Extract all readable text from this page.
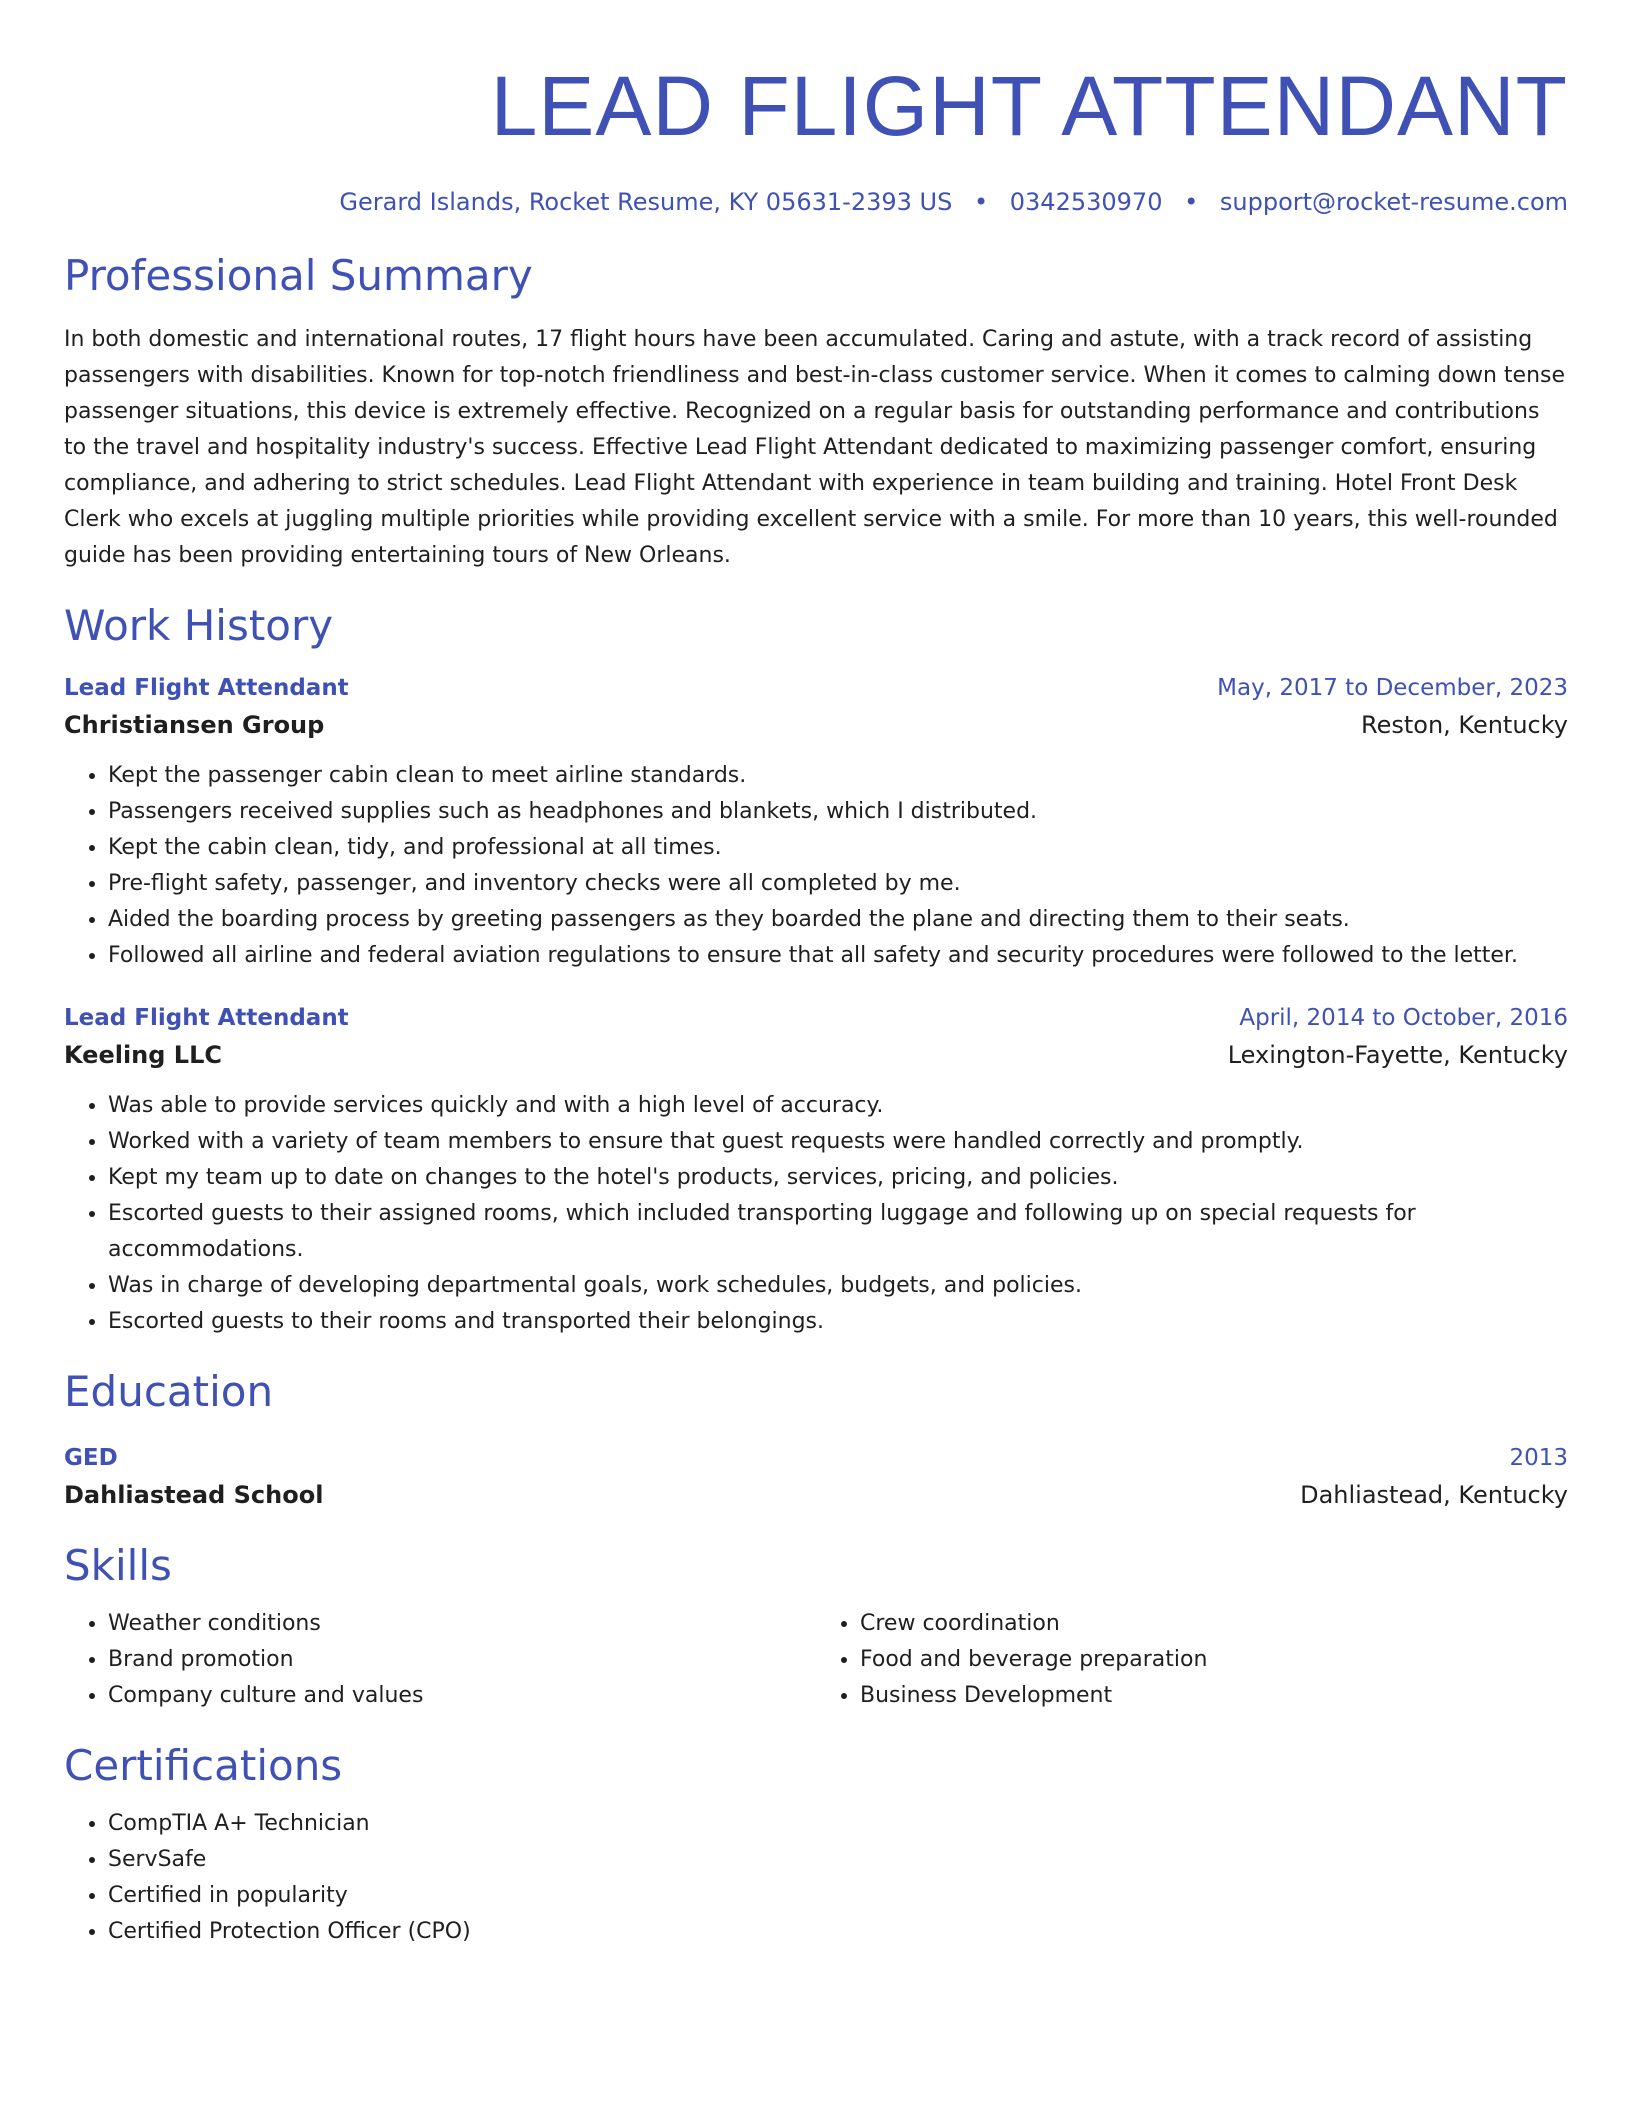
LEAD FLIGHT ATTENDANT
Gerard Islands, Rocket Resume, KY 05631-2393 US • 0342530970 • support@rocket-resume.com
Professional Summary
In both domestic and international routes, 17 flight hours have been accumulated. Caring and astute, with a track record of assisting passengers with disabilities. Known for top-notch friendliness and best-in-class customer service. When it comes to calming down tense passenger situations, this device is extremely effective. Recognized on a regular basis for outstanding performance and contributions to the travel and hospitality industry's success. Effective Lead Flight Attendant dedicated to maximizing passenger comfort, ensuring compliance, and adhering to strict schedules. Lead Flight Attendant with experience in team building and training. Hotel Front Desk Clerk who excels at juggling multiple priorities while providing excellent service with a smile. For more than 10 years, this well-rounded guide has been providing entertaining tours of New Orleans.
Work History
Lead Flight Attendant	May, 2017 to December, 2023
Christiansen Group	Reston, Kentucky
• Kept the passenger cabin clean to meet airline standards.
• Passengers received supplies such as headphones and blankets, which I distributed.
• Kept the cabin clean, tidy, and professional at all times.
• Pre-flight safety, passenger, and inventory checks were all completed by me.
• Aided the boarding process by greeting passengers as they boarded the plane and directing them to their seats.
• Followed all airline and federal aviation regulations to ensure that all safety and security procedures were followed to the letter.
Lead Flight Attendant	April, 2014 to October, 2016
Keeling LLC	Lexington-Fayette, Kentucky
• Was able to provide services quickly and with a high level of accuracy.
• Worked with a variety of team members to ensure that guest requests were handled correctly and promptly.
• Kept my team up to date on changes to the hotel's products, services, pricing, and policies.
• Escorted guests to their assigned rooms, which included transporting luggage and following up on special requests for accommodations.
• Was in charge of developing departmental goals, work schedules, budgets, and policies.
• Escorted guests to their rooms and transported their belongings.
Education
GED	2013
Dahliastead School	Dahliastead, Kentucky
Skills
• Weather conditions
• Brand promotion
• Company culture and values
• Crew coordination
• Food and beverage preparation
• Business Development
Certifications
• CompTIA A+ Technician
• ServSafe
• Certified in popularity
• Certified Protection Officer (CPO)
